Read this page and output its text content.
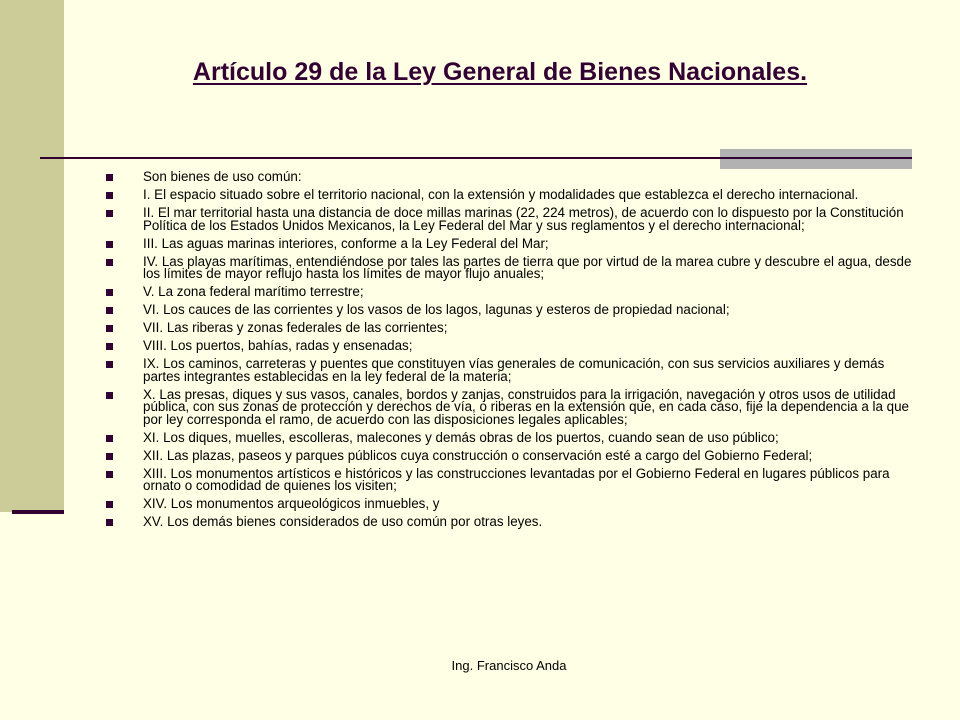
Artículo 29 de la Ley General de Bienes Nacionales.
Son bienes de uso común:
I. El espacio situado sobre el territorio nacional, con la extensión y modalidades que establezca el derecho internacional.
II. El mar territorial hasta una distancia de doce millas marinas (22, 224 metros), de acuerdo con lo dispuesto por la Constitución Política de los Estados Unidos Mexicanos, la Ley Federal del Mar y sus reglamentos y el derecho internacional;
III. Las aguas marinas interiores, conforme a la Ley Federal del Mar;
IV. Las playas marítimas, entendiéndose por tales las partes de tierra que por virtud de la marea cubre y descubre el agua, desde los límites de mayor reflujo hasta los límites de mayor flujo anuales;
V. La zona federal marítimo terrestre;
VI. Los cauces de las corrientes y los vasos de los lagos, lagunas y esteros de propiedad nacional;
VII. Las riberas y zonas federales de las corrientes;
VIII. Los puertos, bahías, radas y ensenadas;
IX. Los caminos, carreteras y puentes que constituyen vías generales de comunicación, con sus servicios auxiliares y demás partes integrantes establecidas en la ley federal de la materia;
X. Las presas, diques y sus vasos, canales, bordos y zanjas, construidos para la irrigación, navegación y otros usos de utilidad pública, con sus zonas de protección y derechos de vía, o riberas en la extensión que, en cada caso, fije la dependencia a la que por ley corresponda el ramo, de acuerdo con las disposiciones legales aplicables;
XI. Los diques, muelles, escolleras, malecones y demás obras de los puertos, cuando sean de uso público;
XII. Las plazas, paseos y parques públicos cuya construcción o conservación esté a cargo del Gobierno Federal;
XIII. Los monumentos artísticos e históricos y las construcciones levantadas por el Gobierno Federal en lugares públicos para ornato o comodidad de quienes los visiten;
XIV. Los monumentos arqueológicos inmuebles, y
XV. Los demás bienes considerados de uso común por otras leyes.
Ing. Francisco Anda
